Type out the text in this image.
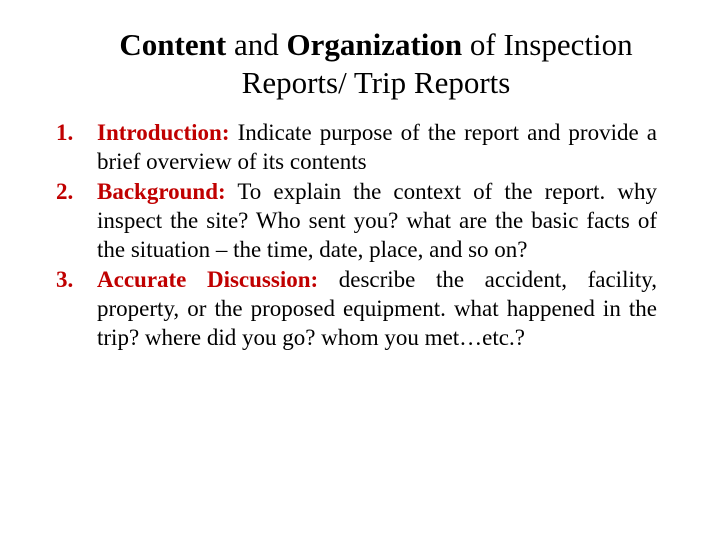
Content and Organization of Inspection
Reports/ Trip Reports
1. Introduction: Indicate purpose of the report and provide a brief overview of its contents
2. Background: To explain the context of the report. why inspect the site? Who sent you? what are the basic facts of the situation – the time, date, place, and so on?
3. Accurate Discussion: describe the accident, facility, property, or the proposed equipment. what happened in the trip? where did you go? whom you met…etc.?
